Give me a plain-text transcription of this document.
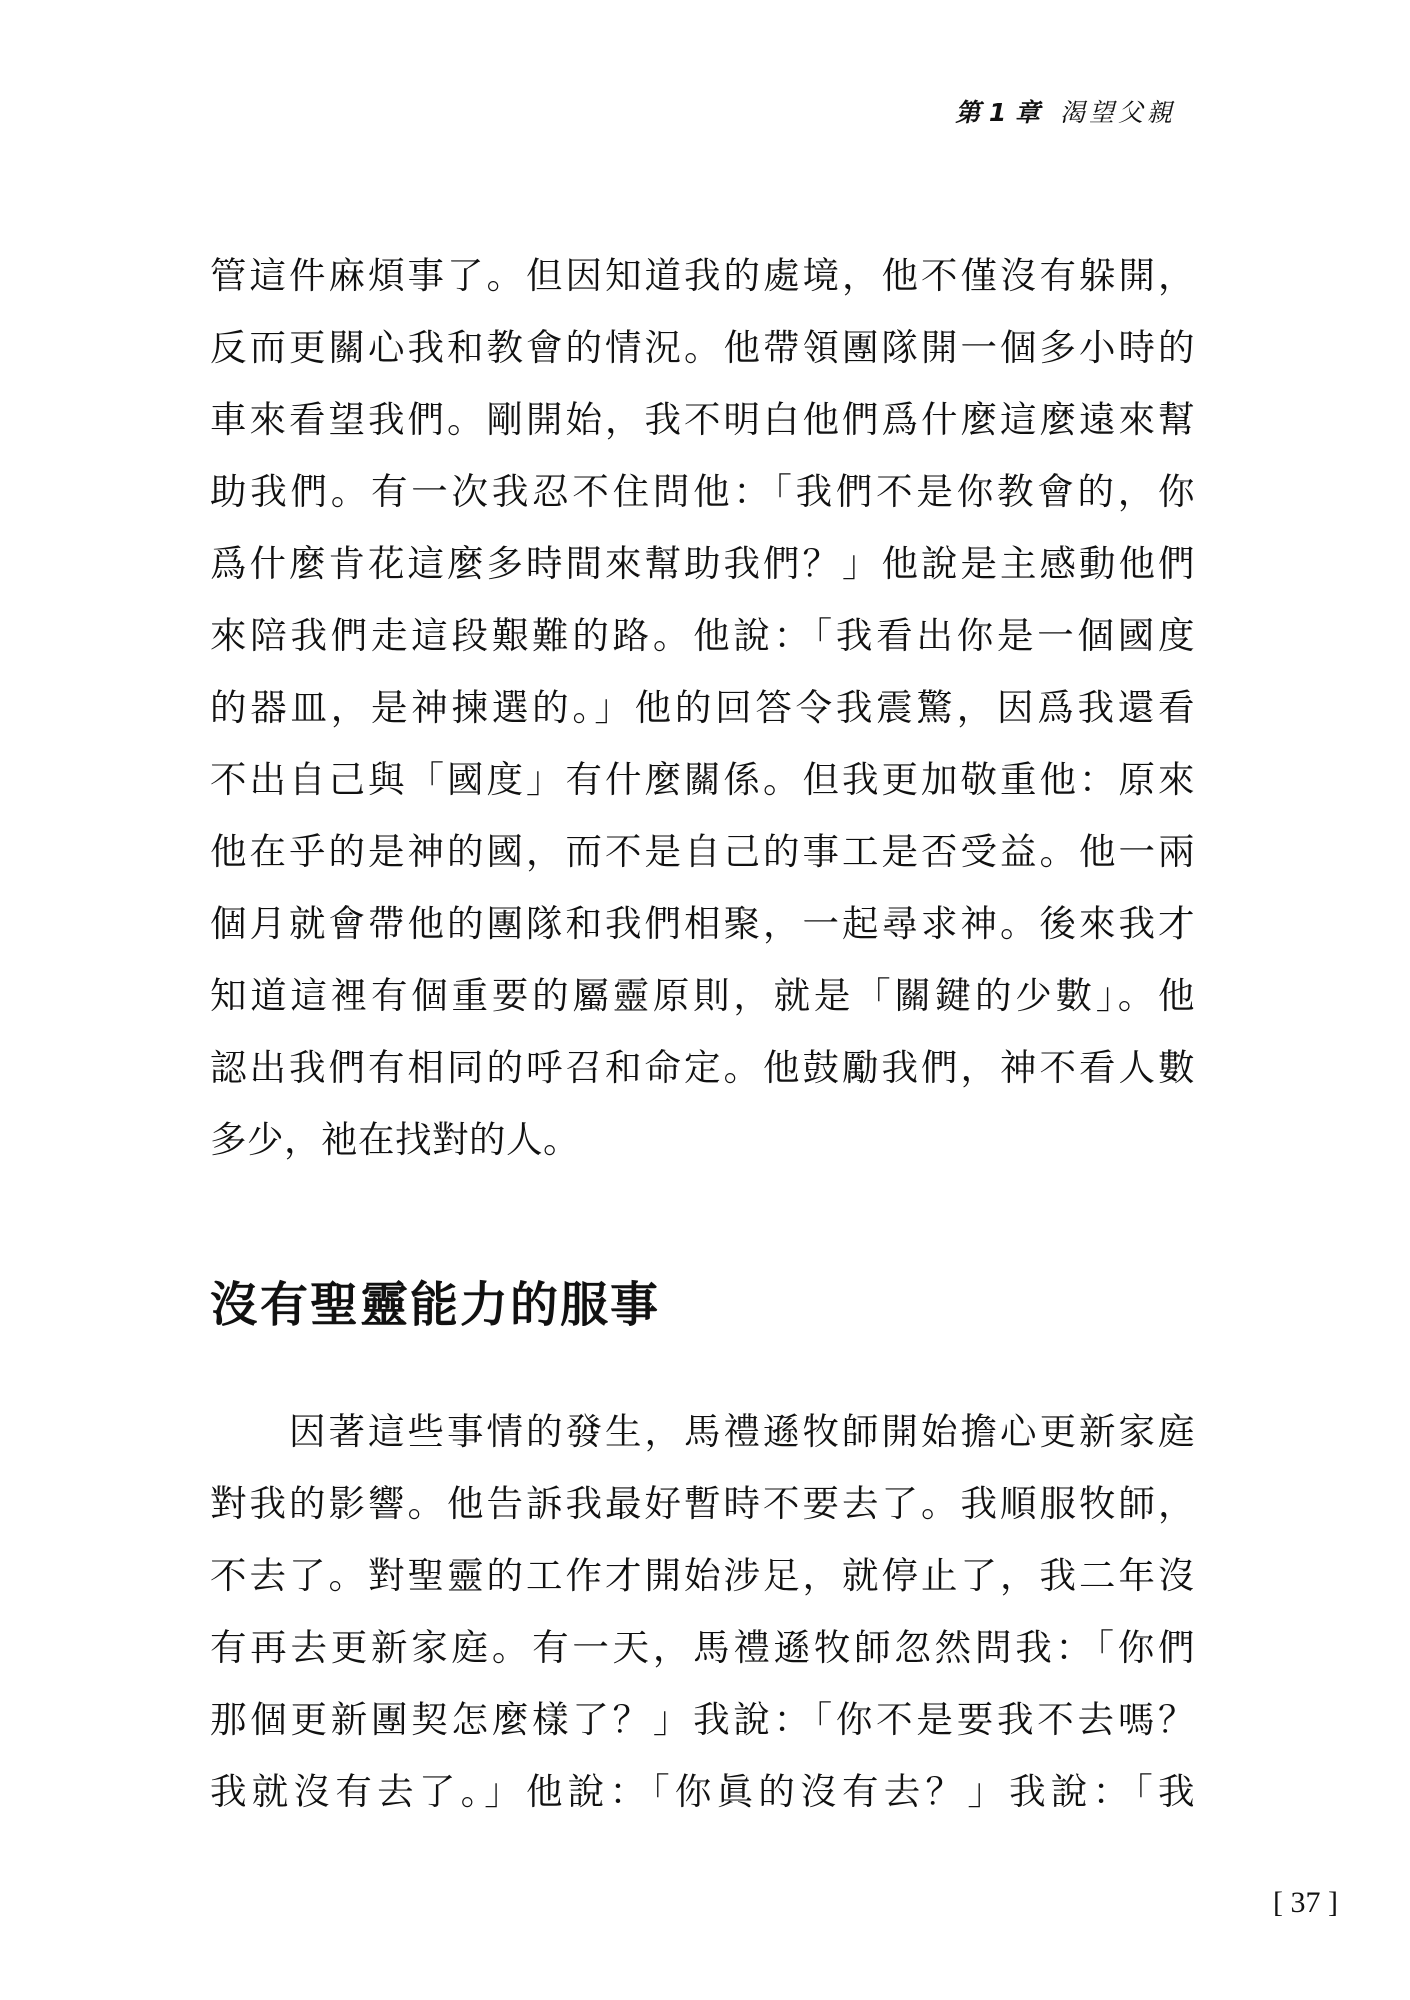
第 1 章 渴望父親
管這件麻煩事了。但因知道我的處境，他不僅沒有躲開，
反而更關心我和教會的情況。他帶領團隊開一個多小時的
車來看望我們。剛開始，我不明白他們爲什麼這麼遠來幫
助我們。有一次我忍不住問他：「我們不是你教會的，你
爲什麼肯花這麼多時間來幫助我們？」他說是主感動他們
來陪我們走這段艱難的路。他說：「我看出你是一個國度
的器皿，是神揀選的。」他的回答令我震驚，因爲我還看
不出自己與「國度」有什麼關係。但我更加敬重他：原來
他在乎的是神的國，而不是自己的事工是否受益。他一兩
個月就會帶他的團隊和我們相聚，一起尋求神。後來我才
知道這裡有個重要的屬靈原則，就是「關鍵的少數」。他
認出我們有相同的呼召和命定。他鼓勵我們，神不看人數
多少，祂在找對的人。
沒有聖靈能力的服事
　　因著這些事情的發生，馬禮遜牧師開始擔心更新家庭
對我的影響。他告訴我最好暫時不要去了。我順服牧師，
不去了。對聖靈的工作才開始涉足，就停止了，我二年沒
有再去更新家庭。有一天，馬禮遜牧師忽然問我：「你們
那個更新團契怎麼樣了？」我說：「你不是要我不去嗎？
我就沒有去了。」他說：「你眞的沒有去？」我說：「我
[ 37 ]
